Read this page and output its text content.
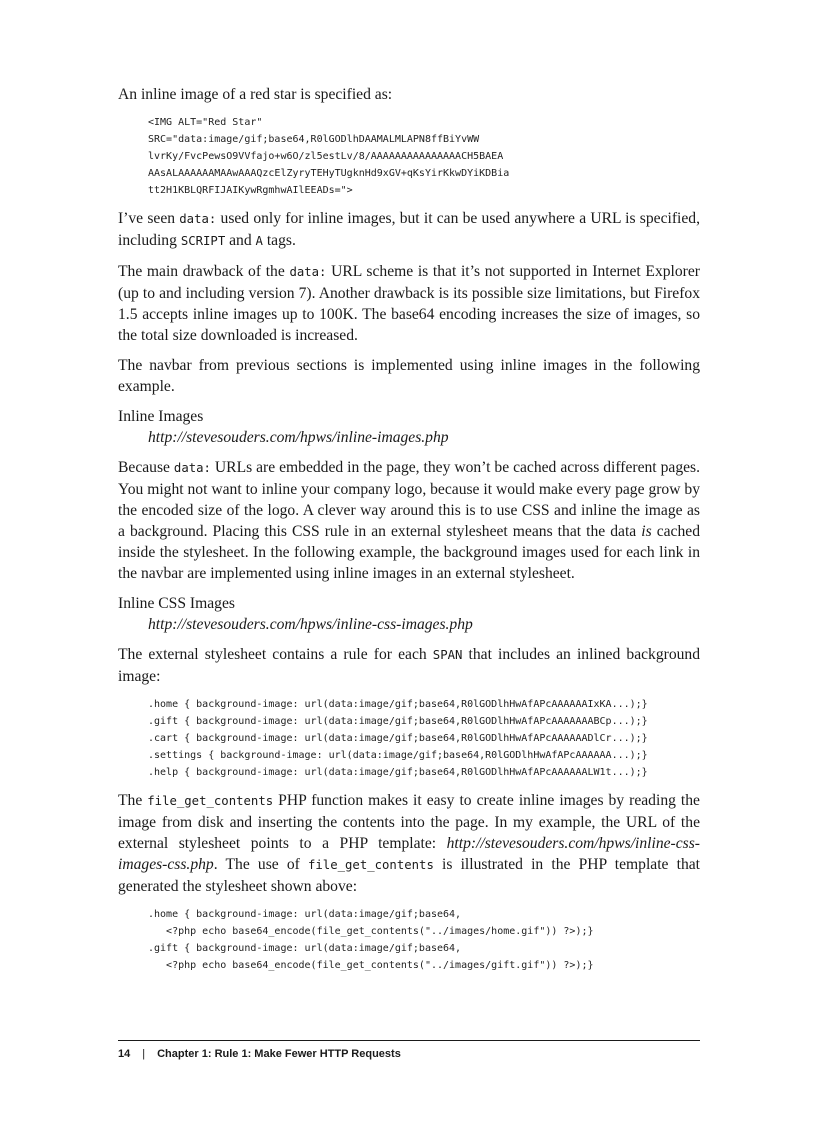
An inline image of a red star is specified as:

<IMG ALT="Red Star"
SRC="data:image/gif;base64,R0lGODlhDAAMALMLAPN8ffBiYvWW
lvrKy/FvcPewsO9VVfajo+w6O/zl5estLv/8/AAAAAAAAAAAAAAACH5BAEA
AAsALAAAAAAMAAwAAAQzcElZyryTEHyTUgknHd9xGV+qKsYirKkwDYiKDBia
tt2H1KBLQRFIJAIKywRgmhwAIlEEADs=">

I’ve seen data: used only for inline images, but it can be used anywhere a URL is specified, including SCRIPT and A tags.

The main drawback of the data: URL scheme is that it’s not supported in Internet Explorer (up to and including version 7). Another drawback is its possible size limitations, but Firefox 1.5 accepts inline images up to 100K. The base64 encoding increases the size of images, so the total size downloaded is increased.

The navbar from previous sections is implemented using inline images in the following example.

Inline Images
http://stevesouders.com/hpws/inline-images.php

Because data: URLs are embedded in the page, they won’t be cached across different pages. You might not want to inline your company logo, because it would make every page grow by the encoded size of the logo. A clever way around this is to use CSS and inline the image as a background. Placing this CSS rule in an external stylesheet means that the data is cached inside the stylesheet. In the following example, the background images used for each link in the navbar are implemented using inline images in an external stylesheet.

Inline CSS Images
http://stevesouders.com/hpws/inline-css-images.php

The external stylesheet contains a rule for each SPAN that includes an inlined background image:

.home { background-image: url(data:image/gif;base64,R0lGODlhHwAfAPcAAAAAAIxKA...);}
.gift { background-image: url(data:image/gif;base64,R0lGODlhHwAfAPcAAAAAAABCp...);}
.cart { background-image: url(data:image/gif;base64,R0lGODlhHwAfAPcAAAAAADlCr...);}
.settings { background-image: url(data:image/gif;base64,R0lGODlhHwAfAPcAAAAAA...);}
.help { background-image: url(data:image/gif;base64,R0lGODlhHwAfAPcAAAAAALW1t...);}

The file_get_contents PHP function makes it easy to create inline images by reading the image from disk and inserting the contents into the page. In my example, the URL of the external stylesheet points to a PHP template: http://stevesouders.com/hpws/inline-css-images-css.php. The use of file_get_contents is illustrated in the PHP template that generated the stylesheet shown above:

.home { background-image: url(data:image/gif;base64,
<?php echo base64_encode(file_get_contents("../images/home.gif")) ?>);}
.gift { background-image: url(data:image/gif;base64,
<?php echo base64_encode(file_get_contents("../images/gift.gif")) ?>);}
14 | Chapter 1: Rule 1: Make Fewer HTTP Requests
